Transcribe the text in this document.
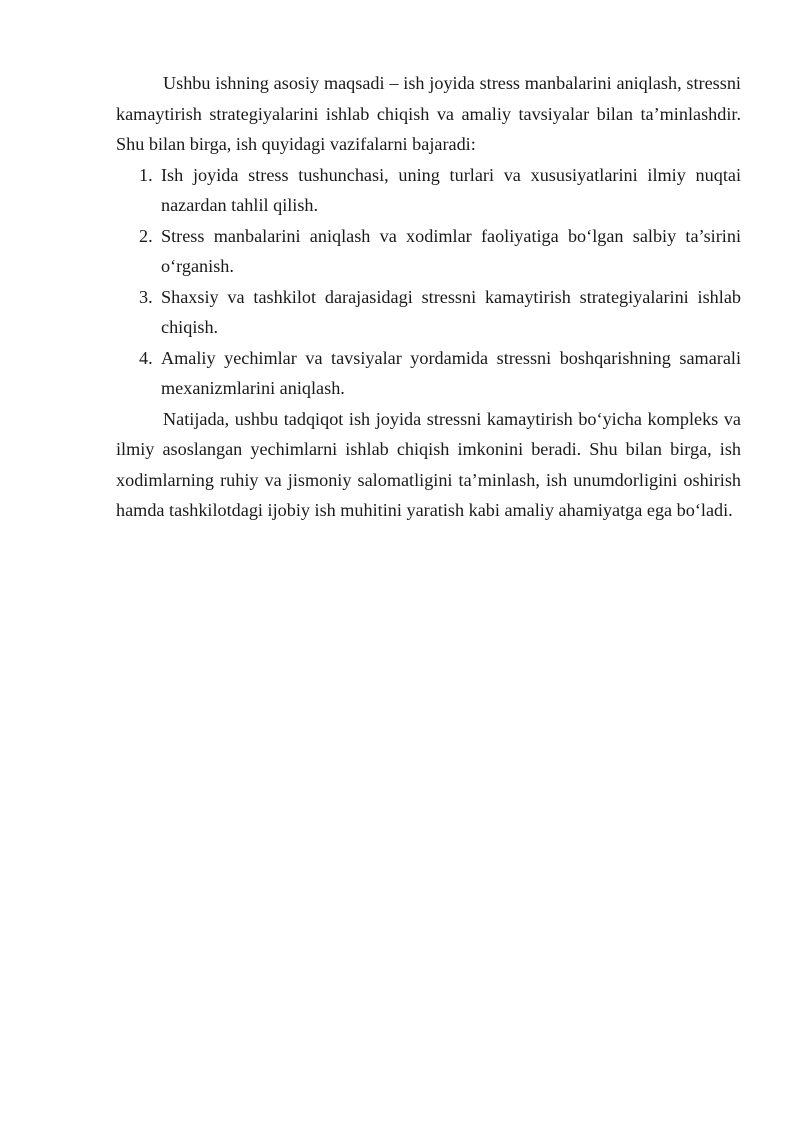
Ushbu ishning asosiy maqsadi – ish joyida stress manbalarini aniqlash, stressni kamaytirish strategiyalarini ishlab chiqish va amaliy tavsiyalar bilan ta’minlashdir. Shu bilan birga, ish quyidagi vazifalarni bajaradi:

1. Ish joyida stress tushunchasi, uning turlari va xususiyatlarini ilmiy nuqtai nazardan tahlil qilish.
2. Stress manbalarini aniqlash va xodimlar faoliyatiga bo‘lgan salbiy ta’sirini o‘rganish.
3. Shaxsiy va tashkilot darajasidagi stressni kamaytirish strategiyalarini ishlab chiqish.
4. Amaliy yechimlar va tavsiyalar yordamida stressni boshqarishning samarali mexanizmlarini aniqlash.

Natijada, ushbu tadqiqot ish joyida stressni kamaytirish bo‘yicha kompleks va ilmiy asoslangan yechimlarni ishlab chiqish imkonini beradi. Shu bilan birga, ish xodimlarning ruhiy va jismoniy salomatligini ta’minlash, ish unumdorligini oshirish hamda tashkilotdagi ijobiy ish muhitini yaratish kabi amaliy ahamiyatga ega bo‘ladi.
